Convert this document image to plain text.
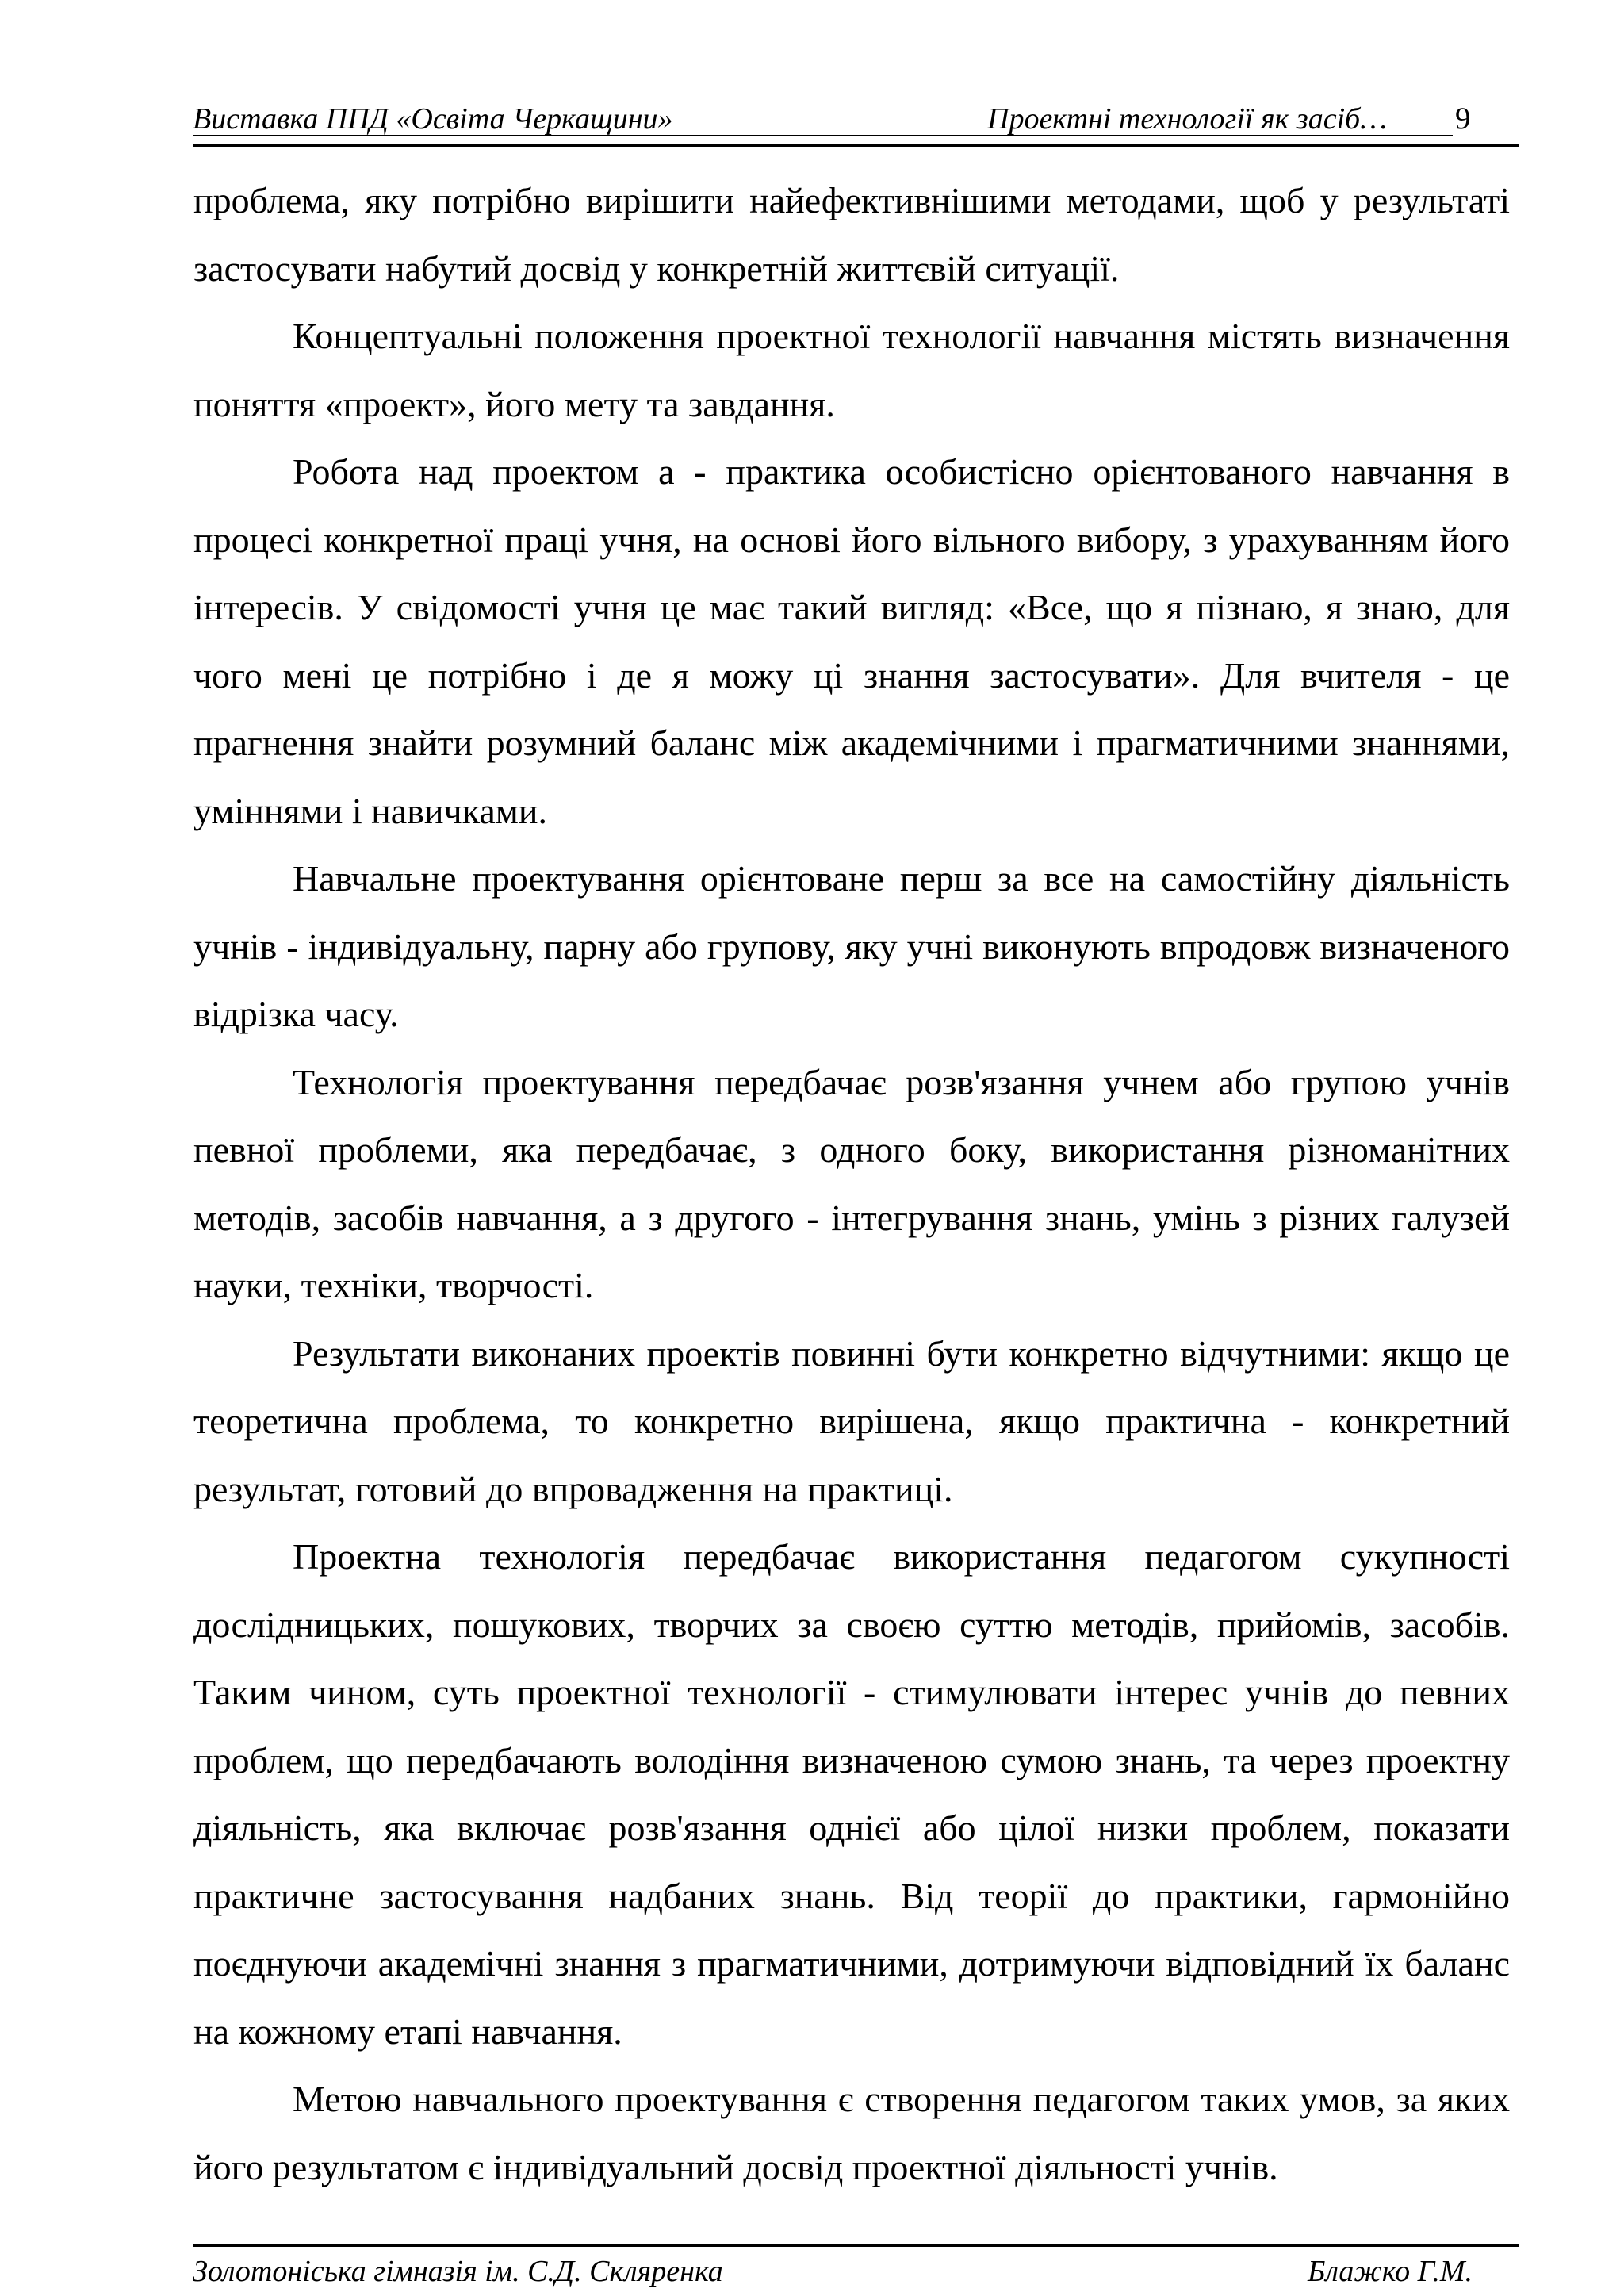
Виставка ППД «Освіта Черкащини»	Проектні технології як засіб… 9

проблема, яку потрібно вирішити найефективнішими методами, щоб у результаті застосувати набутий досвід у конкретній життєвій ситуації.

Концептуальні положення проектної технології навчання містять визначення поняття «проект», його мету та завдання.

Робота над проектом а - практика особистісно орієнтованого навчання в процесі конкретної праці учня, на основі його вільного вибору, з урахуванням його інтересів. У свідомості учня це має такий вигляд: «Все, що я пізнаю, я знаю, для чого мені це потрібно і де я можу ці знання застосувати». Для вчителя - це прагнення знайти розумний баланс між академічними і прагматичними знаннями, уміннями і навичками.

Навчальне проектування орієнтоване перш за все на самостійну діяльність учнів - індивідуальну, парну або групову, яку учні виконують впродовж визначеного відрізка часу.

Технологія проектування передбачає розв'язання учнем або групою учнів певної проблеми, яка передбачає, з одного боку, використання різноманітних методів, засобів навчання, а з другого - інтегрування знань, умінь з різних галузей науки, техніки, творчості.

Результати виконаних проектів повинні бути конкретно відчутними: якщо це теоретична проблема, то конкретно вирішена, якщо практична - конкретний результат, готовий до впровадження на практиці.

Проектна технологія передбачає використання педагогом сукупності дослідницьких, пошукових, творчих за своєю суттю методів, прийомів, засобів. Таким чином, суть проектної технології - стимулювати інтерес учнів до певних проблем, що передбачають володіння визначеною сумою знань, та через проектну діяльність, яка включає розв'язання однієї або цілої низки проблем, показати практичне застосування надбаних знань. Від теорії до практики, гармонійно поєднуючи академічні знання з прагматичними, дотримуючи відповідний їх баланс на кожному етапі навчання.

Метою навчального проектування є створення педагогом таких умов, за яких його результатом є індивідуальний досвід проектної діяльності учнів.

Золотоніська гімназія ім. С.Д. Скляренка	Блажко Г.М.
